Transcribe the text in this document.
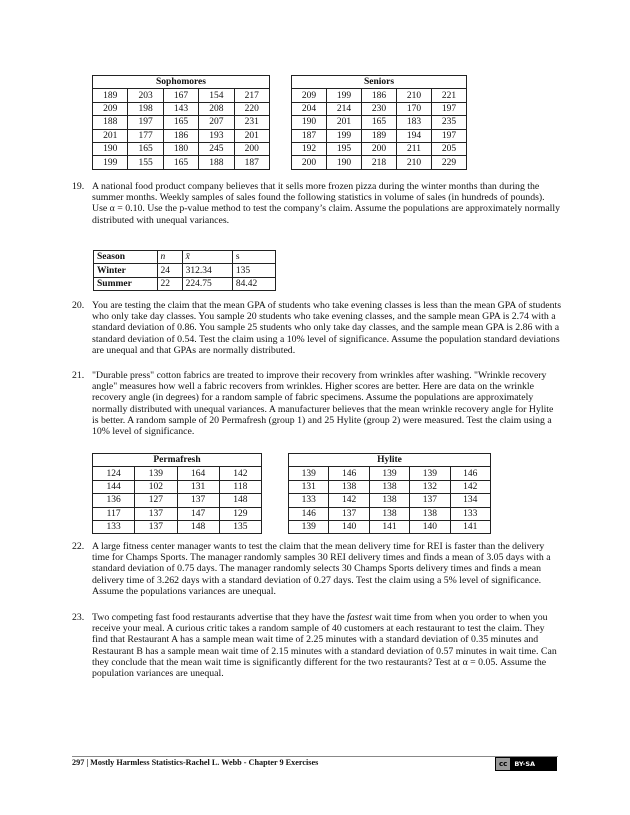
Sophomores				
189	203	167	154	217
209	198	143	208	220
188	197	165	207	231
201	177	186	193	201
190	165	180	245	200
199	155	165	188	187
Seniors				
209	199	186	210	221
204	214	230	170	197
190	201	165	183	235
187	199	189	194	197
192	195	200	211	205
200	190	218	210	229
19. A national food product company believes that it sells more frozen pizza during the winter months than during the summer months. Weekly samples of sales found the following statistics in volume of sales (in hundreds of pounds). Use α = 0.10. Use the p-value method to test the company’s claim. Assume the populations are approximately normally distributed with unequal variances.
Season	n	x̄	s
Winter	24	312.34	135
Summer	22	224.75	84.42
20. You are testing the claim that the mean GPA of students who take evening classes is less than the mean GPA of students who only take day classes. You sample 20 students who take evening classes, and the sample mean GPA is 2.74 with a standard deviation of 0.86. You sample 25 students who only take day classes, and the sample mean GPA is 2.86 with a standard deviation of 0.54. Test the claim using a 10% level of significance. Assume the population standard deviations are unequal and that GPAs are normally distributed.
21. "Durable press" cotton fabrics are treated to improve their recovery from wrinkles after washing. "Wrinkle recovery angle" measures how well a fabric recovers from wrinkles. Higher scores are better. Here are data on the wrinkle recovery angle (in degrees) for a random sample of fabric specimens. Assume the populations are approximately normally distributed with unequal variances. A manufacturer believes that the mean wrinkle recovery angle for Hylite is better. A random sample of 20 Permafresh (group 1) and 25 Hylite (group 2) were measured. Test the claim using a 10% level of significance.
Permafresh			
124	139	164	142
144	102	131	118
136	127	137	148
117	137	147	129
133	137	148	135
Hylite				
139	146	139	139	146
131	138	138	132	142
133	142	138	137	134
146	137	138	138	133
139	140	141	140	141
22. A large fitness center manager wants to test the claim that the mean delivery time for REI is faster than the delivery time for Champs Sports. The manager randomly samples 30 REI delivery times and finds a mean of 3.05 days with a standard deviation of 0.75 days. The manager randomly selects 30 Champs Sports delivery times and finds a mean delivery time of 3.262 days with a standard deviation of 0.27 days. Test the claim using a 5% level of significance. Assume the populations variances are unequal.
23. Two competing fast food restaurants advertise that they have the fastest wait time from when you order to when you receive your meal. A curious critic takes a random sample of 40 customers at each restaurant to test the claim. They find that Restaurant A has a sample mean wait time of 2.25 minutes with a standard deviation of 0.35 minutes and Restaurant B has a sample mean wait time of 2.15 minutes with a standard deviation of 0.57 minutes in wait time. Can they conclude that the mean wait time is significantly different for the two restaurants? Test at α = 0.05. Assume the population variances are unequal.
297 | Mostly Harmless Statistics-Rachel L. Webb - Chapter 9 Exercises	cc	BY-SA
